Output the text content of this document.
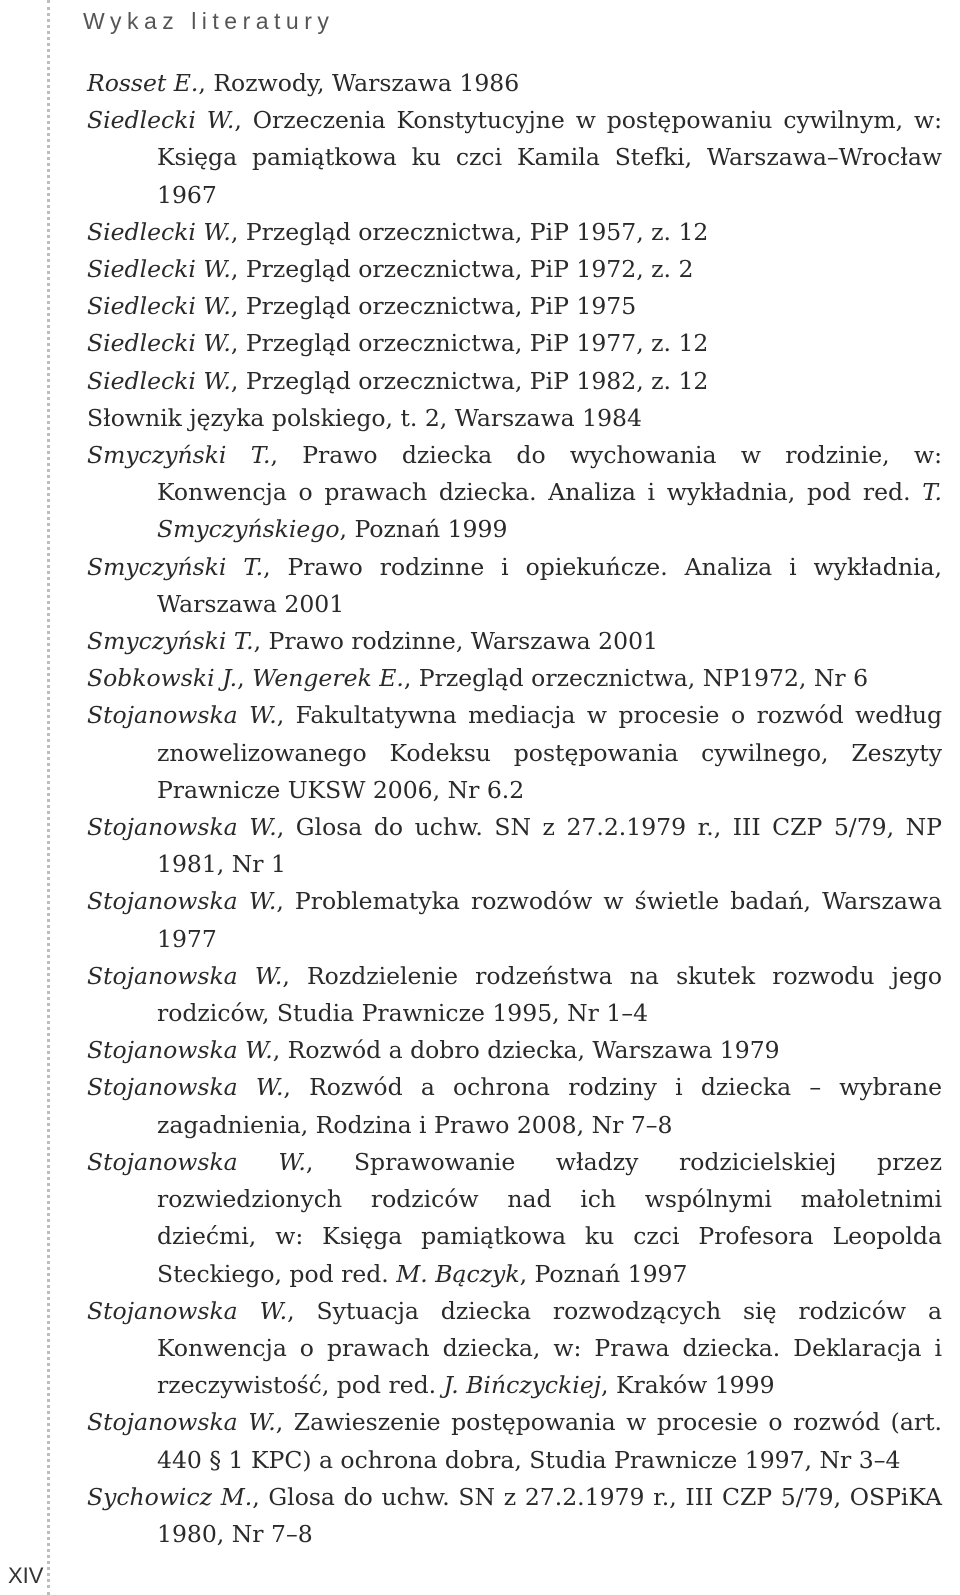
Wykaz literatury
Rosset E., Rozwody, Warszawa 1986
Siedlecki W., Orzeczenia Konstytucyjne w postępowaniu cywilnym, w: Księga pamiątkowa ku czci Kamila Stefki, Warszawa–Wrocław 1967
Siedlecki W., Przegląd orzecznictwa, PiP 1957, z. 12
Siedlecki W., Przegląd orzecznictwa, PiP 1972, z. 2
Siedlecki W., Przegląd orzecznictwa, PiP 1975
Siedlecki W., Przegląd orzecznictwa, PiP 1977, z. 12
Siedlecki W., Przegląd orzecznictwa, PiP 1982, z. 12
Słownik języka polskiego, t. 2, Warszawa 1984
Smyczyński T., Prawo dziecka do wychowania w rodzinie, w: Konwencja o prawach dziecka. Analiza i wykładnia, pod red. T. Smyczyńskiego, Poznań 1999
Smyczyński T., Prawo rodzinne i opiekuńcze. Analiza i wykładnia, Warszawa 2001
Smyczyński T., Prawo rodzinne, Warszawa 2001
Sobkowski J., Wengerek E., Przegląd orzecznictwa, NP1972, Nr 6
Stojanowska W., Fakultatywna mediacja w procesie o rozwód według znowelizowanego Kodeksu postępowania cywilnego, Zeszyty Prawnicze UKSW 2006, Nr 6.2
Stojanowska W., Glosa do uchw. SN z 27.2.1979 r., III CZP 5/79, NP 1981, Nr 1
Stojanowska W., Problematyka rozwodów w świetle badań, Warszawa 1977
Stojanowska W., Rozdzielenie rodzeństwa na skutek rozwodu jego rodziców, Studia Prawnicze 1995, Nr 1–4
Stojanowska W., Rozwód a dobro dziecka, Warszawa 1979
Stojanowska W., Rozwód a ochrona rodziny i dziecka – wybrane zagadnienia, Rodzina i Prawo 2008, Nr 7–8
Stojanowska W., Sprawowanie władzy rodzicielskiej przez rozwiedzionych rodziców nad ich wspólnymi małoletnimi dziećmi, w: Księga pamiątkowa ku czci Profesora Leopolda Steckiego, pod red. M. Bączyk, Poznań 1997
Stojanowska W., Sytuacja dziecka rozwodzących się rodziców a Konwencja o prawach dziecka, w: Prawa dziecka. Deklaracja i rzeczywistość, pod red. J. Bińczyckiej, Kraków 1999
Stojanowska W., Zawieszenie postępowania w procesie o rozwód (art. 440 § 1 KPC) a ochrona dobra, Studia Prawnicze 1997, Nr 3–4
Sychowicz M., Glosa do uchw. SN z 27.2.1979 r., III CZP 5/79, OSPiKA 1980, Nr 7–8
XIV
